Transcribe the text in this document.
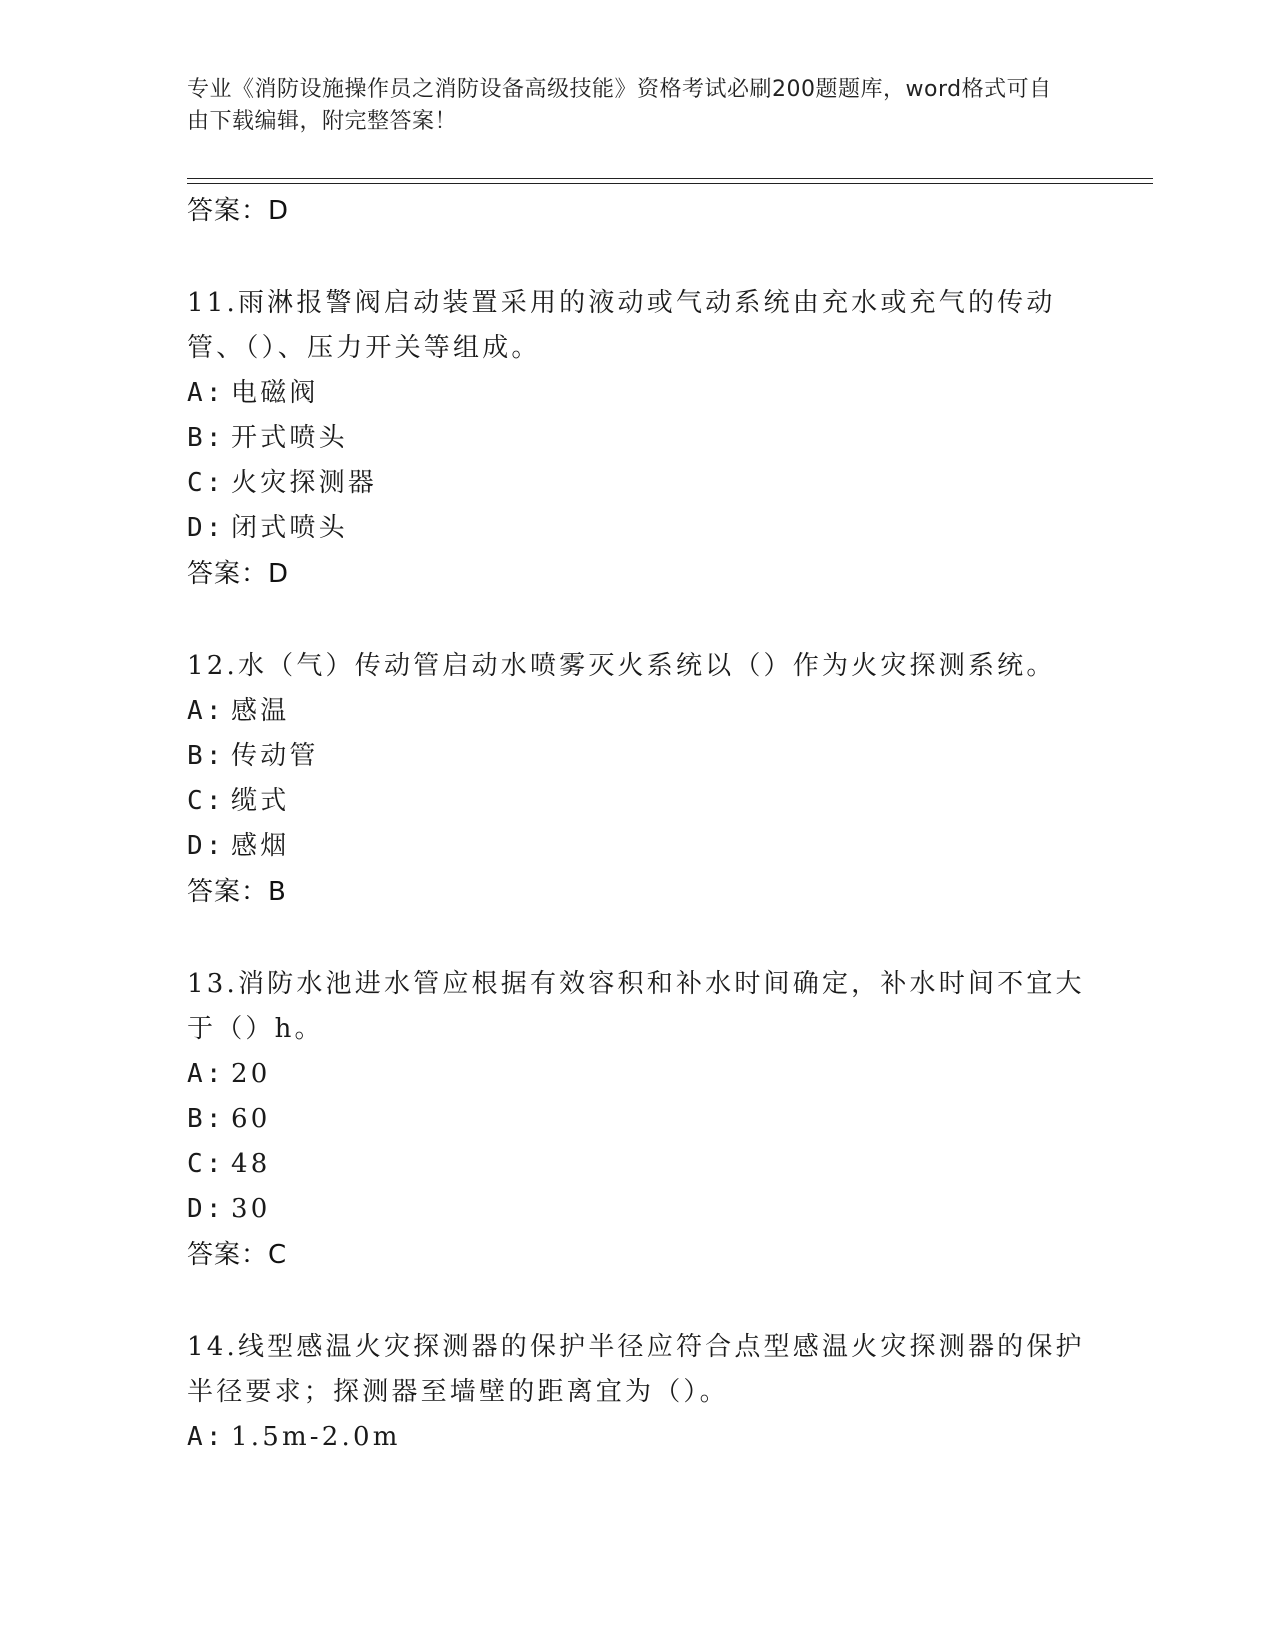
专业《消防设施操作员之消防设备高级技能》资格考试必刷200题题库，word格式可自由下载编辑，附完整答案！
答案：D
11.雨淋报警阀启动装置采用的液动或气动系统由充水或充气的传动管、（）、压力开关等组成。
A: 电磁阀
B: 开式喷头
C: 火灾探测器
D: 闭式喷头
答案：D
12.水（气）传动管启动水喷雾灭火系统以（）作为火灾探测系统。
A: 感温
B: 传动管
C: 缆式
D: 感烟
答案：B
13.消防水池进水管应根据有效容积和补水时间确定，补水时间不宜大于（）h。
A: 20
B: 60
C: 48
D: 30
答案：C
14.线型感温火灾探测器的保护半径应符合点型感温火灾探测器的保护半径要求；探测器至墙壁的距离宜为（）。
A: 1.5m-2.0m
